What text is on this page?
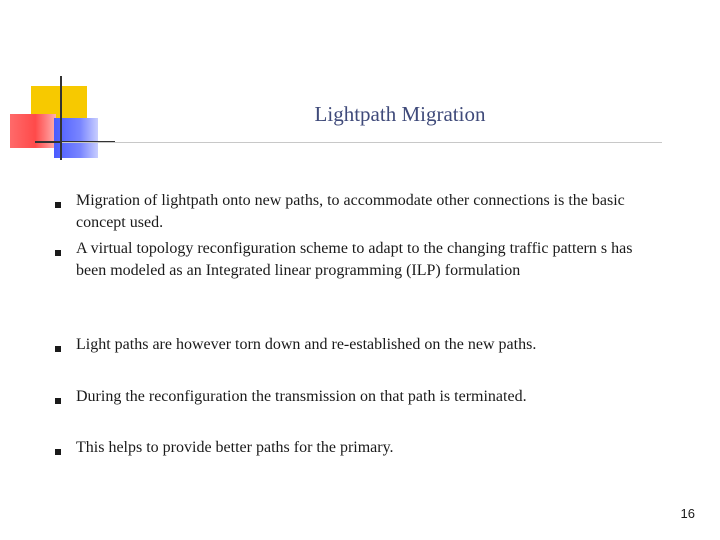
Lightpath Migration
Migration of lightpath onto new paths, to accommodate other connections is the basic concept used.
A virtual topology reconfiguration scheme to adapt to the changing traffic pattern s has been modeled as an Integrated linear programming (ILP) formulation
Light paths are however torn down and re-established on the new paths.
During the reconfiguration the transmission on that path is terminated.
This helps to provide better paths for the primary.
16
